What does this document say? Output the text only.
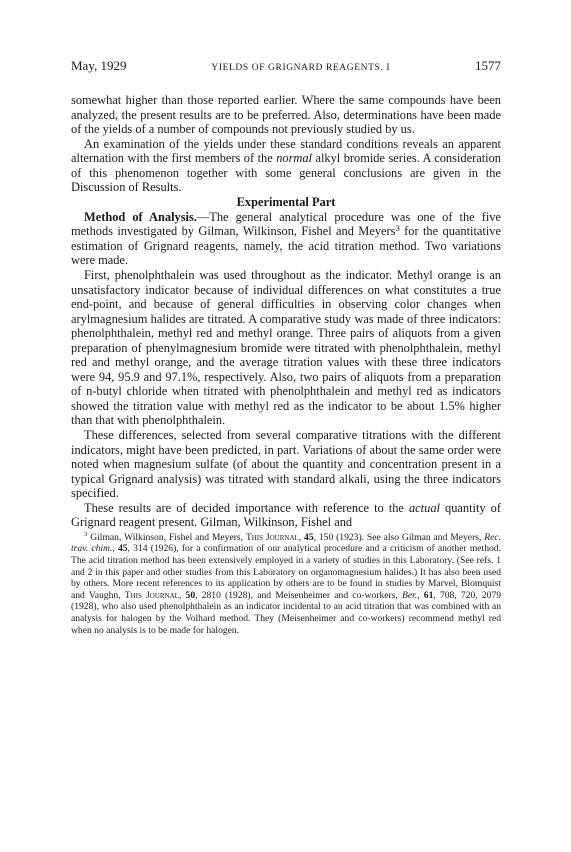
May, 1929	YIELDS OF GRIGNARD REAGENTS. I	1577

somewhat higher than those reported earlier. Where the same compounds have been analyzed, the present results are to be preferred. Also, determinations have been made of the yields of a number of compounds not previously studied by us.

An examination of the yields under these standard conditions reveals an apparent alternation with the first members of the normal alkyl bromide series. A consideration of this phenomenon together with some general conclusions are given in the Discussion of Results.

Experimental Part

Method of Analysis.—The general analytical procedure was one of the five methods investigated by Gilman, Wilkinson, Fishel and Meyers$^3$ for the quantitative estimation of Grignard reagents, namely, the acid titration method. Two variations were made.

First, phenolphthalein was used throughout as the indicator. Methyl orange is an unsatisfactory indicator because of individual differences on what constitutes a true end-point, and because of general difficulties in observing color changes when arylmagnesium halides are titrated. A comparative study was made of three indicators: phenolphthalein, methyl red and methyl orange. Three pairs of aliquots from a given preparation of phenylmagnesium bromide were titrated with phenolphthalein, methyl red and methyl orange, and the average titration values with these three indicators were 94, 95.9 and 97.1%, respectively. Also, two pairs of aliquots from a preparation of n-butyl chloride when titrated with phenolphthalein and methyl red as indicators showed the titration value with methyl red as the indicator to be about 1.5% higher than that with phenolphthalein.

These differences, selected from several comparative titrations with the different indicators, might have been predicted, in part. Variations of about the same order were noted when magnesium sulfate (of about the quantity and concentration present in a typical Grignard analysis) was titrated with standard alkali, using the three indicators specified.

These results are of decided importance with reference to the actual quantity of Grignard reagent present. Gilman, Wilkinson, Fishel and

$^3$ Gilman, Wilkinson, Fishel and Meyers, This Journal, 45, 150 (1923). See also Gilman and Meyers, Rec. trav. chim., 45, 314 (1926), for a confirmation of our analytical procedure and a criticism of another method. The acid titration method has been extensively employed in a variety of studies in this Laboratory. (See refs. 1 and 2 in this paper and other studies from this Laboratory on organomagnesium halides.) It has also been used by others. More recent references to its application by others are to be found in studies by Marvel, Blomquist and Vaughn, This Journal, 50, 2810 (1928), and Meisenheimer and co-workers, Ber., 61, 708, 720, 2079 (1928), who also used phenolphthalein as an indicator incidental to an acid titration that was combined with an analysis for halogen by the Volhard method. They (Meisenheimer and co-workers) recommend methyl red when no analysis is to be made for halogen.
